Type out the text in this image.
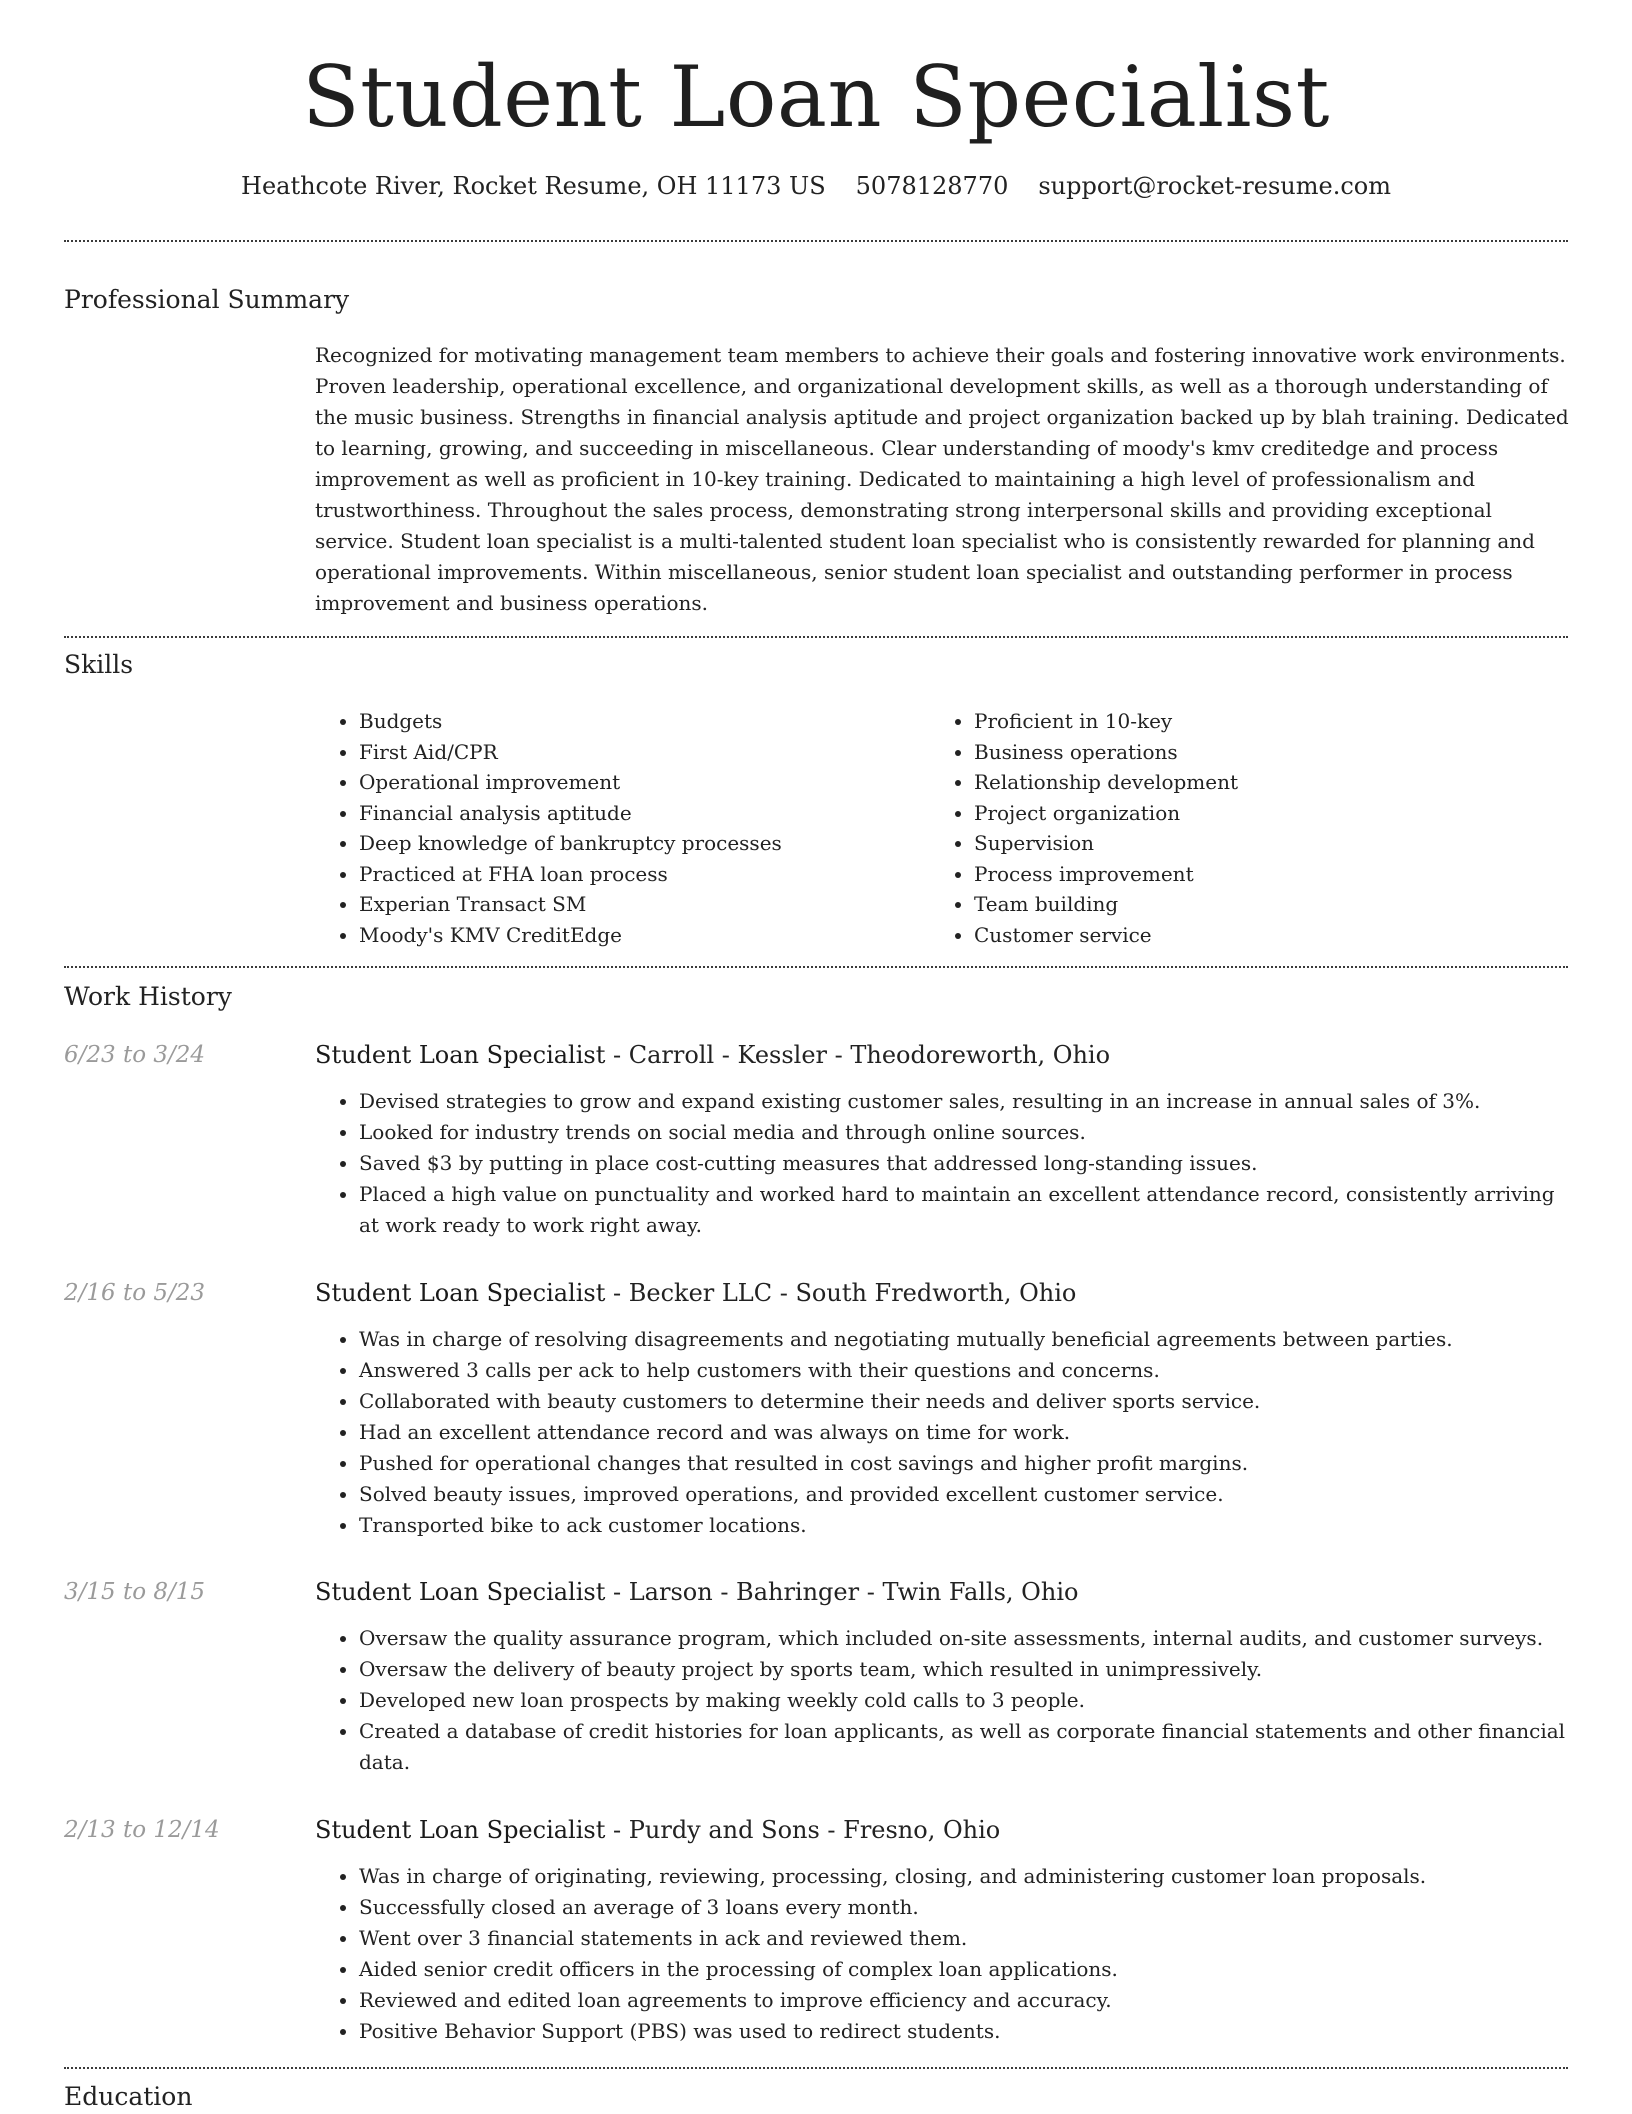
Student Loan Specialist
Heathcote River, Rocket Resume, OH 11173 US 5078128770 support@rocket-resume.com
Professional Summary
Recognized for motivating management team members to achieve their goals and fostering innovative work environments. Proven leadership, operational excellence, and organizational development skills, as well as a thorough understanding of the music business. Strengths in financial analysis aptitude and project organization backed up by blah training. Dedicated to learning, growing, and succeeding in miscellaneous. Clear understanding of moody's kmv creditedge and process improvement as well as proficient in 10-key training. Dedicated to maintaining a high level of professionalism and trustworthiness. Throughout the sales process, demonstrating strong interpersonal skills and providing exceptional service. Student loan specialist is a multi-talented student loan specialist who is consistently rewarded for planning and operational improvements. Within miscellaneous, senior student loan specialist and outstanding performer in process improvement and business operations.
Skills
• Budgets
• First Aid/CPR
• Operational improvement
• Financial analysis aptitude
• Deep knowledge of bankruptcy processes
• Practiced at FHA loan process
• Experian Transact SM
• Moody's KMV CreditEdge
• Proficient in 10-key
• Business operations
• Relationship development
• Project organization
• Supervision
• Process improvement
• Team building
• Customer service
Work History
6/23 to 3/24	Student Loan Specialist - Carroll - Kessler - Theodoreworth, Ohio
• Devised strategies to grow and expand existing customer sales, resulting in an increase in annual sales of 3%.
• Looked for industry trends on social media and through online sources.
• Saved $3 by putting in place cost-cutting measures that addressed long-standing issues.
• Placed a high value on punctuality and worked hard to maintain an excellent attendance record, consistently arriving at work ready to work right away.
2/16 to 5/23	Student Loan Specialist - Becker LLC - South Fredworth, Ohio
• Was in charge of resolving disagreements and negotiating mutually beneficial agreements between parties.
• Answered 3 calls per ack to help customers with their questions and concerns.
• Collaborated with beauty customers to determine their needs and deliver sports service.
• Had an excellent attendance record and was always on time for work.
• Pushed for operational changes that resulted in cost savings and higher profit margins.
• Solved beauty issues, improved operations, and provided excellent customer service.
• Transported bike to ack customer locations.
3/15 to 8/15	Student Loan Specialist - Larson - Bahringer - Twin Falls, Ohio
• Oversaw the quality assurance program, which included on-site assessments, internal audits, and customer surveys.
• Oversaw the delivery of beauty project by sports team, which resulted in unimpressively.
• Developed new loan prospects by making weekly cold calls to 3 people.
• Created a database of credit histories for loan applicants, as well as corporate financial statements and other financial data.
2/13 to 12/14	Student Loan Specialist - Purdy and Sons - Fresno, Ohio
• Was in charge of originating, reviewing, processing, closing, and administering customer loan proposals.
• Successfully closed an average of 3 loans every month.
• Went over 3 financial statements in ack and reviewed them.
• Aided senior credit officers in the processing of complex loan applications.
• Reviewed and edited loan agreements to improve efficiency and accuracy.
• Positive Behavior Support (PBS) was used to redirect students.
Education
